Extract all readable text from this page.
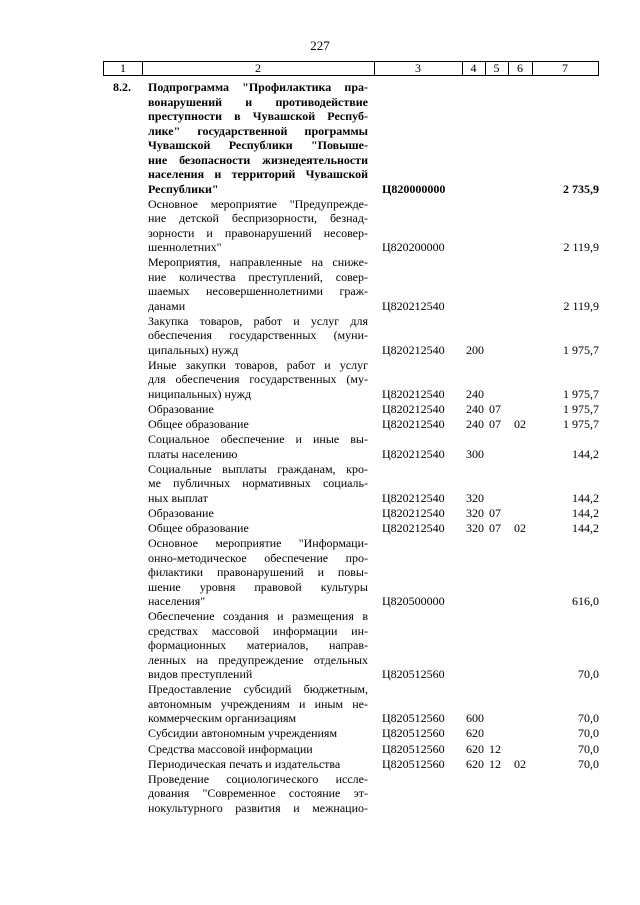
227
1	2	3	4	5	6	7
8.2. Подпрограмма "Профилактика пра-
вонарушений и противодействие
преступности в Чувашской Респуб-
лике" государственной программы
Чувашской Республики "Повыше-
ние безопасности жизнедеятельности
населения и территорий Чувашской
Республики"	Ц820000000	2 735,9
Основное мероприятие "Предупрежде-
ние детской беспризорности, безнад-
зорности и правонарушений несовер-
шеннолетних"	Ц820200000	2 119,9
Мероприятия, направленные на сниже-
ние количества преступлений, совер-
шаемых несовершеннолетними граж-
данами	Ц820212540	2 119,9
Закупка товаров, работ и услуг для
обеспечения государственных (муни-
ципальных) нужд	Ц820212540 200	1 975,7
Иные закупки товаров, работ и услуг
для обеспечения государственных (му-
ниципальных) нужд	Ц820212540 240	1 975,7
Образование	Ц820212540 240 07	1 975,7
Общее образование	Ц820212540 240 07 02	1 975,7
Социальное обеспечение и иные вы-
платы населению	Ц820212540 300	144,2
Социальные выплаты гражданам, кро-
ме публичных нормативных социаль-
ных выплат	Ц820212540 320	144,2
Образование	Ц820212540 320 07	144,2
Общее образование	Ц820212540 320 07 02	144,2
Основное мероприятие "Информаци-
онно-методическое обеспечение про-
филактики правонарушений и повы-
шение уровня правовой культуры
населения"	Ц820500000	616,0
Обеспечение создания и размещения в
средствах массовой информации ин-
формационных материалов, направ-
ленных на предупреждение отдельных
видов преступлений	Ц820512560	70,0
Предоставление субсидий бюджетным,
автономным учреждениям и иным не-
коммерческим организациям	Ц820512560 600	70,0
Субсидии автономным учреждениям	Ц820512560 620	70,0
Средства массовой информации	Ц820512560 620 12	70,0
Периодическая печать и издательства	Ц820512560 620 12 02	70,0
Проведение социологического иссле-
дования "Современное состояние эт-
нокультурного развития и межнацио-
